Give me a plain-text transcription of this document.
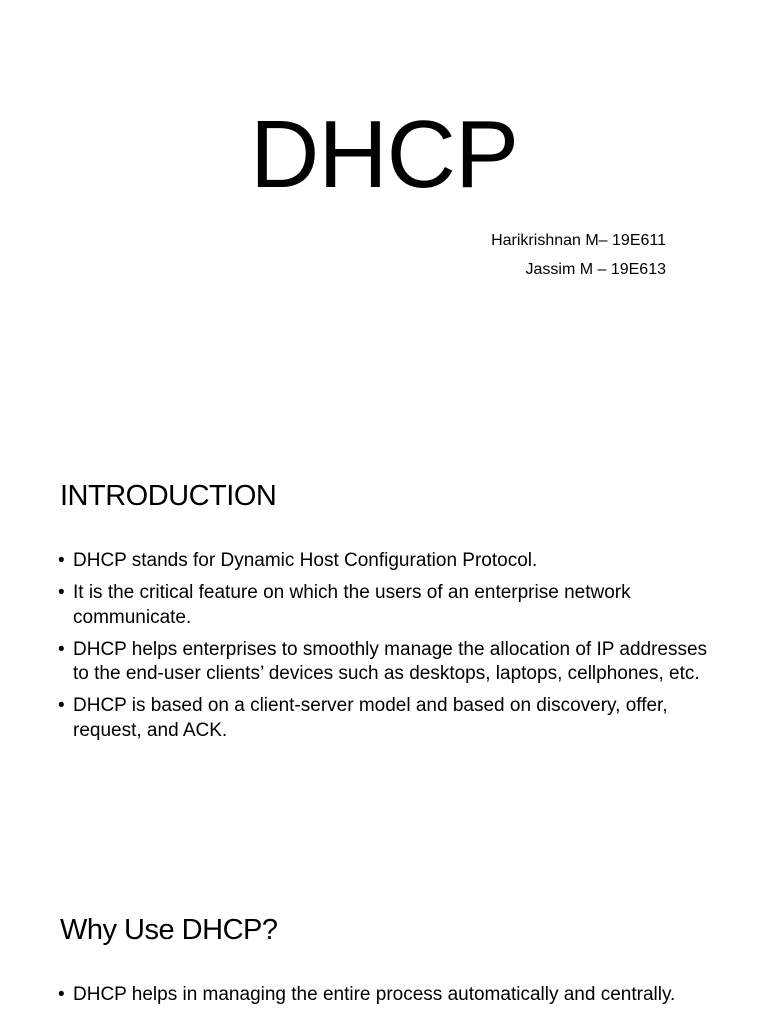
DHCP
Harikrishnan M– 19E611
Jassim M – 19E613
INTRODUCTION
• DHCP stands for Dynamic Host Configuration Protocol.
• It is the critical feature on which the users of an enterprise network communicate.
• DHCP helps enterprises to smoothly manage the allocation of IP addresses to the end-user clients’ devices such as desktops, laptops, cellphones, etc.
• DHCP is based on a client-server model and based on discovery, offer, request, and ACK.
Why Use DHCP?
• DHCP helps in managing the entire process automatically and centrally.
